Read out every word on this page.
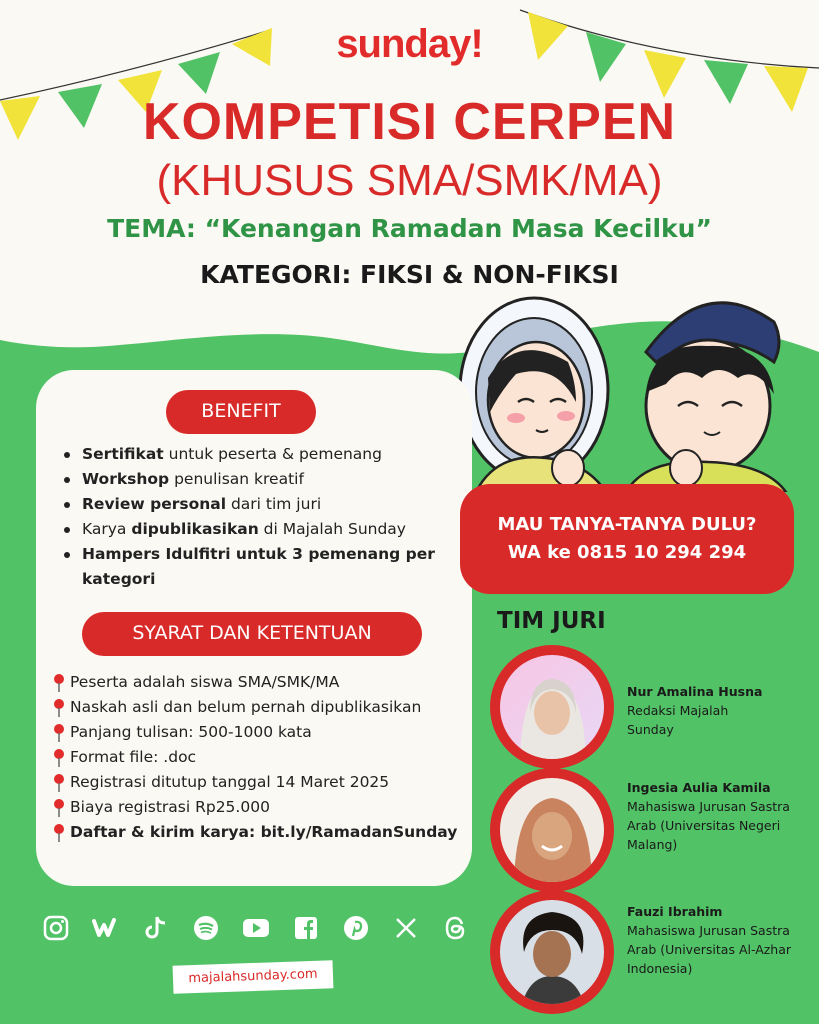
sunday!
KOMPETISI CERPEN
(KHUSUS SMA/SMK/MA)
TEMA: “Kenangan Ramadan Masa Kecilku”
KATEGORI: FIKSI & NON-FIKSI
BENEFIT
Sertifikat untuk peserta & pemenang
Workshop penulisan kreatif
Review personal dari tim juri
Karya dipublikasikan di Majalah Sunday
Hampers Idulfitri untuk 3 pemenang per kategori
SYARAT DAN KETENTUAN
Peserta adalah siswa SMA/SMK/MA
Naskah asli dan belum pernah dipublikasikan
Panjang tulisan: 500-1000 kata
Format file: .doc
Registrasi ditutup tanggal 14 Maret 2025
Biaya registrasi Rp25.000
Daftar & kirim karya: bit.ly/RamadanSunday
majalahsunday.com
MAU TANYA-TANYA DULU?
WA ke 0815 10 294 294
TIM JURI
Nur Amalina Husna
Redaksi Majalah Sunday
Ingesia Aulia Kamila
Mahasiswa Jurusan Sastra Arab (Universitas Negeri Malang)
Fauzi Ibrahim
Mahasiswa Jurusan Sastra Arab (Universitas Al-Azhar Indonesia)
